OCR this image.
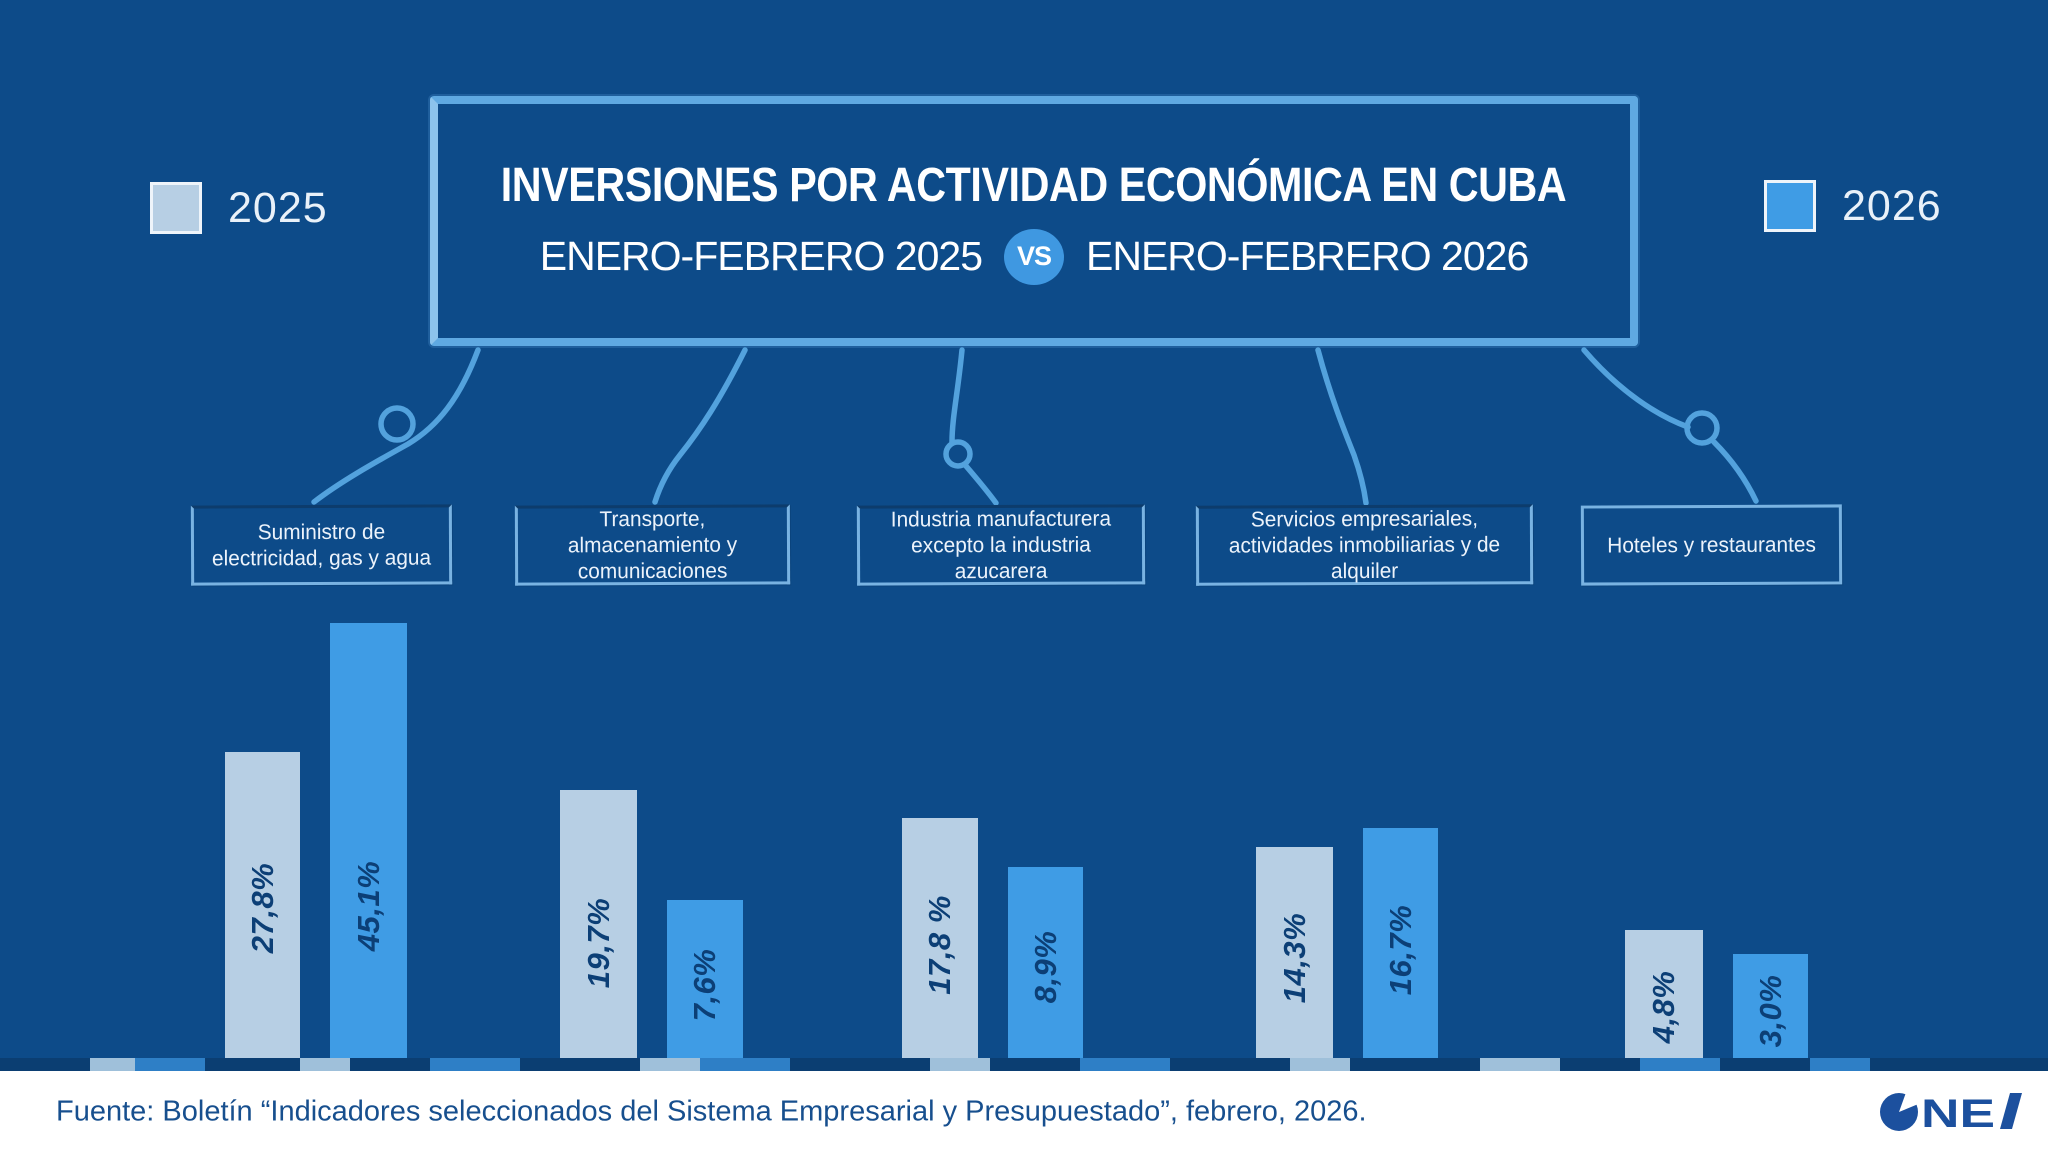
2025	2026
INVERSIONES POR ACTIVIDAD ECONÓMICA EN CUBA
ENERO-FEBRERO 2025	VS ENERO-FEBRERO 2026
Suministro de electricidad, gas y agua
Transporte, almacenamiento y comunicaciones
Industria manufacturera excepto la industria azucarera
Servicios empresariales, actividades inmobiliarias y de alquiler
Hoteles y restaurantes
27,8% 45,1%	19,7% 7,6%	17,8 % 8,9%	14,3% 16,7%
4,8% 3,0%
Fuente: Boletín “Indicadores seleccionados del Sistema Empresarial y Presupuestado”, febrero, 2026.	NE
